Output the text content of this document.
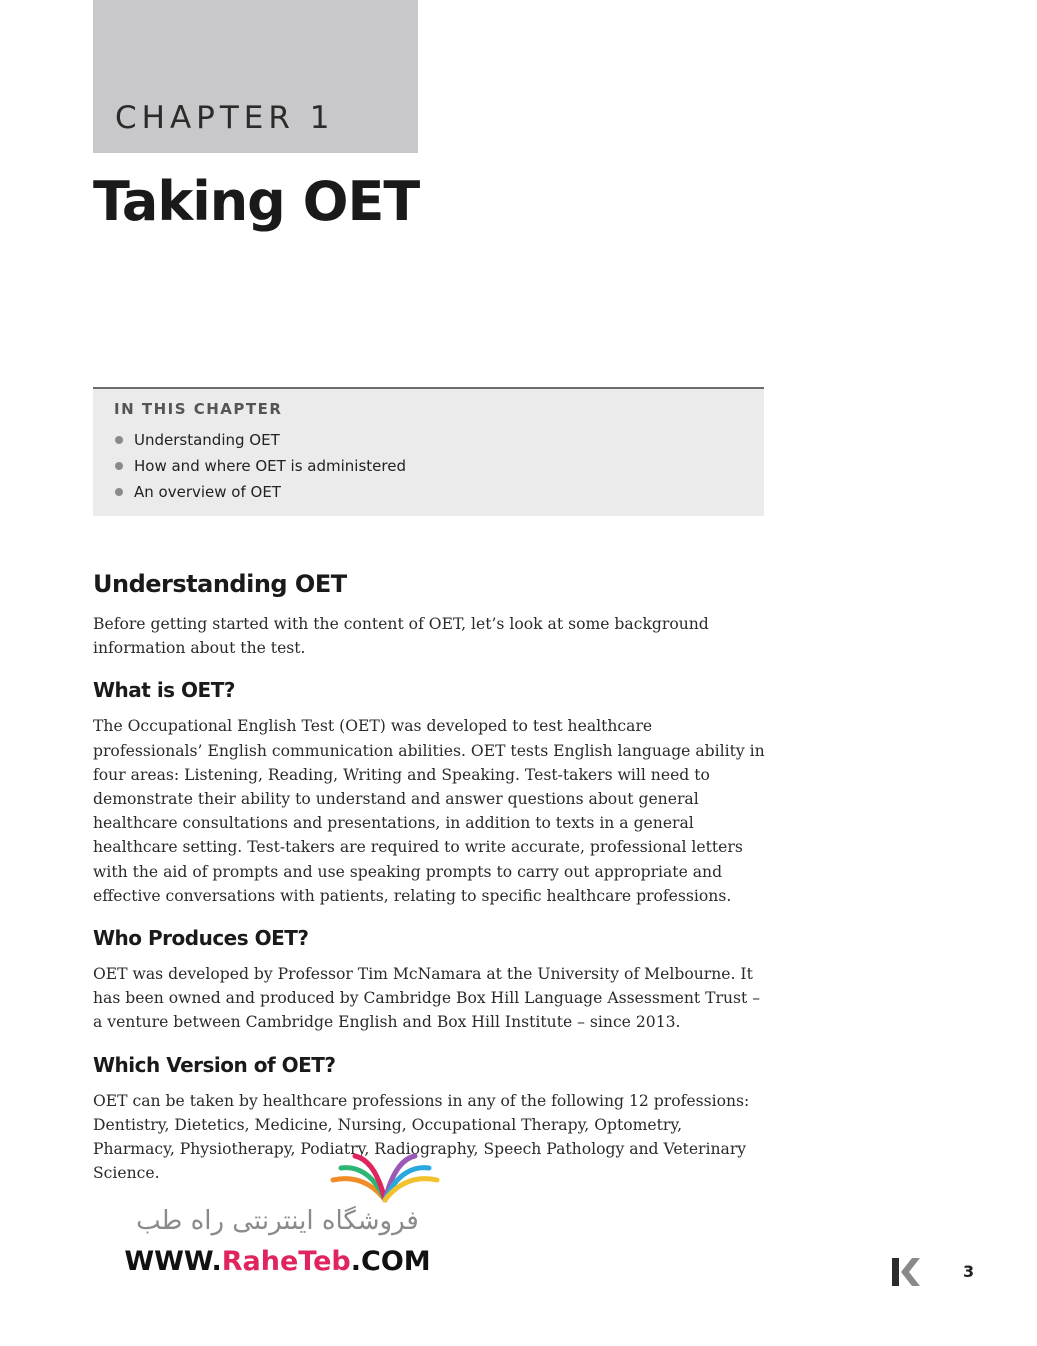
CHAPTER 1
Taking OET
IN THIS CHAPTER
Understanding OET
How and where OET is administered
An overview of OET
Understanding OET

Before getting started with the content of OET, let’s look at some background information about the test.

What is OET?

The Occupational English Test (OET) was developed to test healthcare professionals’ English communication abilities. OET tests English language ability in four areas: Listening, Reading, Writing and Speaking. Test-takers will need to demonstrate their ability to understand and answer questions about general healthcare consultations and presentations, in addition to texts in a general healthcare setting. Test-takers are required to write accurate, professional letters with the aid of prompts and use speaking prompts to carry out appropriate and effective conversations with patients, relating to specific healthcare professions.

Who Produces OET?

OET was developed by Professor Tim McNamara at the University of Melbourne. It has been owned and produced by Cambridge Box Hill Language Assessment Trust – a venture between Cambridge English and Box Hill Institute – since 2013.

Which Version of OET?

OET can be taken by healthcare professions in any of the following 12 professions: Dentistry, Dietetics, Medicine, Nursing, Occupational Therapy, Optometry, Pharmacy, Physiotherapy, Podiatry, Radiography, Speech Pathology and Veterinary Science.

فروشگاه اینترنتی راه طب
WWW.RaheTeb.COM	3
